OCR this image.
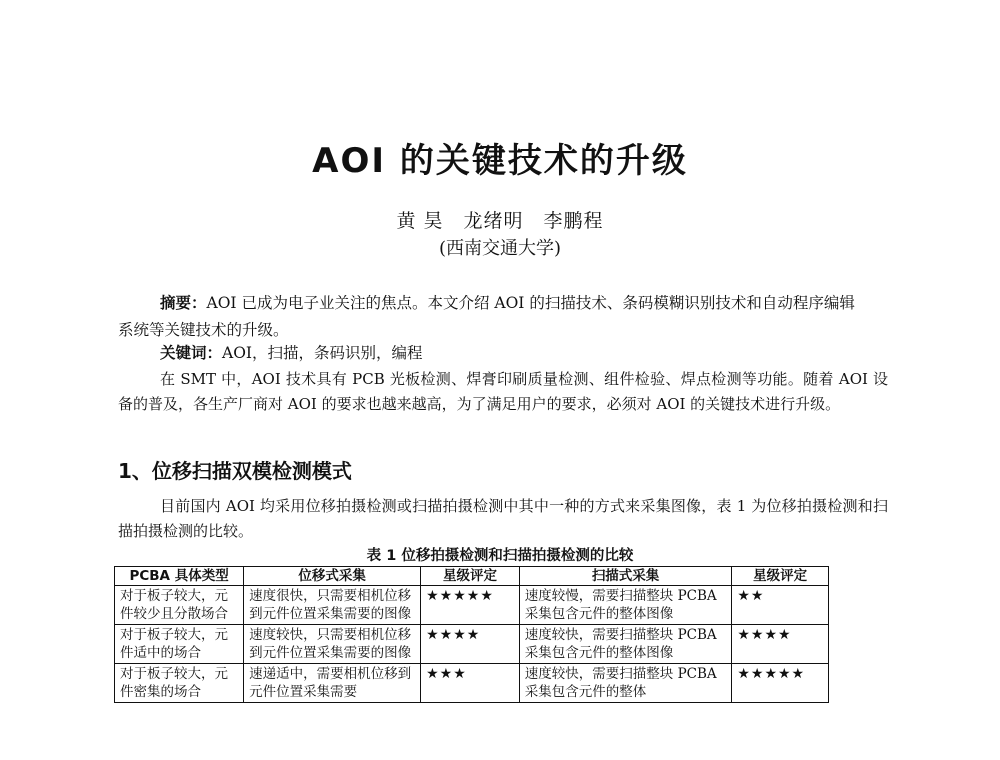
AOI 的关键技术的升级
黄 昊　龙绪明　李鹏程
(西南交通大学)
摘要：AOI 已成为电子业关注的焦点。本文介绍 AOI 的扫描技术、条码模糊识别技术和自动程序编辑系统等关键技术的升级。
关键词：AOI，扫描，条码识别，编程
在 SMT 中，AOI 技术具有 PCB 光板检测、焊膏印刷质量检测、组件检验、焊点检测等功能。随着 AOI 设备的普及，各生产厂商对 AOI 的要求也越来越高，为了满足用户的要求，必须对 AOI 的关键技术进行升级。
1、位移扫描双模检测模式
目前国内 AOI 均采用位移拍摄检测或扫描拍摄检测中其中一种的方式来采集图像，表 1 为位移拍摄检测和扫描拍摄检测的比较。
表 1 位移拍摄检测和扫描拍摄检测的比较
PCBA 具体类型	位移式采集	星级评定	扫描式采集	星级评定
对于板子较大，元件较少且分散场合	速度很快，只需要相机位移到元件位置采集需要的图像	★★★★★	速度较慢，需要扫描整块 PCBA 采集包含元件的整体图像	★★
对于板子较大，元件适中的场合	速度较快，只需要相机位移到元件位置采集需要的图像	★★★★	速度较快，需要扫描整块 PCBA 采集包含元件的整体图像	★★★★
对于板子较大，元件密集的场合	速递适中，需要相机位移到元件位置采集需要	★★★	速度较快，需要扫描整块 PCBA 采集包含元件的整体	★★★★★
